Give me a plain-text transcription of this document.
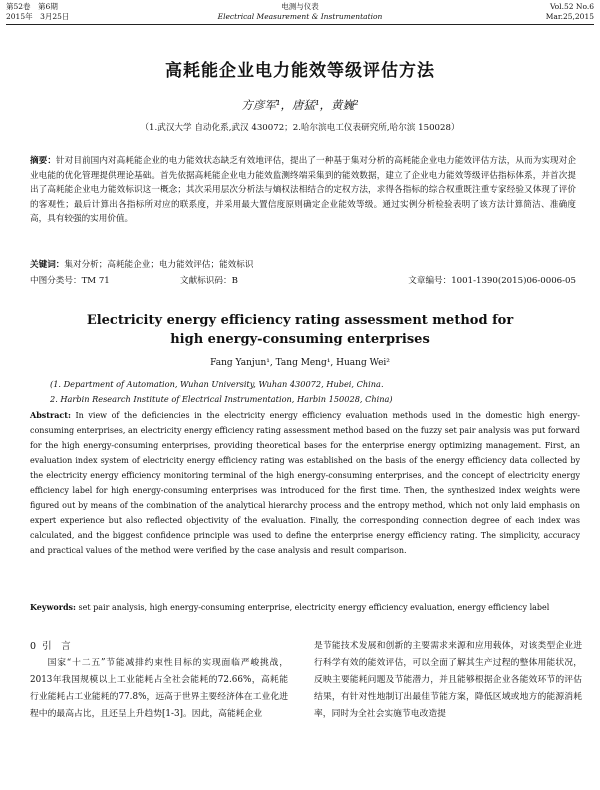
第52卷　第6期
2015年　3月25日
电测与仪表
Electrical Measurement & Instrumentation
Vol.52 No.6
Mar.25,2015
高耗能企业电力能效等级评估方法
方彦军¹，唐猛¹，黄巍²
（1.武汉大学 自动化系,武汉 430072；2.哈尔滨电工仪表研究所,哈尔滨 150028）
摘要：针对目前国内对高耗能企业的电力能效状态缺乏有效地评估，提出了一种基于集对分析的高耗能企业电力能效评估方法，从而为实现对企业电能的优化管理提供理论基础。首先依据高耗能企业电力能效监测终端采集到的能效数据，建立了企业电力能效等级评估指标体系，并首次提出了高耗能企业电力能效标识这一概念；其次采用层次分析法与熵权法相结合的定权方法，求得各指标的综合权重既注重专家经验又体现了评价的客观性；最后计算出各指标所对应的联系度，并采用最大置信度原则确定企业能效等级。通过实例分析检验表明了该方法计算简洁、准确度高，具有较强的实用价值。
关键词：集对分析；高耗能企业；电力能效评估；能效标识
中图分类号：TM 71	文献标识码：B	文章编号：1001-1390(2015)06-0006-05
Electricity energy efficiency rating assessment method for
high energy-consuming enterprises
Fang Yanjun¹, Tang Meng¹, Huang Wei²
(1. Department of Automation, Wuhan University, Wuhan 430072, Hubei, China.
2. Harbin Research Institute of Electrical Instrumentation, Harbin 150028, China)
Abstract: In view of the deficiencies in the electricity energy efficiency evaluation methods used in the domestic high energy-consuming enterprises, an electricity energy efficiency rating assessment method based on the fuzzy set pair analysis was put forward for the high energy-consuming enterprises, providing theoretical bases for the enterprise energy optimizing management. First, an evaluation index system of electricity energy efficiency rating was established on the basis of the energy efficiency data collected by the electricity energy efficiency monitoring terminal of the high energy-consuming enterprises, and the concept of electricity energy efficiency label for high energy-consuming enterprises was introduced for the first time. Then, the synthesized index weights were figured out by means of the combination of the analytical hierarchy process and the entropy method, which not only laid emphasis on expert experience but also reflected objectivity of the evaluation. Finally, the corresponding connection degree of each index was calculated, and the biggest confidence principle was used to define the enterprise energy efficiency rating. The simplicity, accuracy and practical values of the method were verified by the case analysis and result comparison.
Keywords: set pair analysis, high energy-consuming enterprise, electricity energy efficiency evaluation, energy efficiency label
0 引　言

国家“十二五”节能减排约束性目标的实现面临严峻挑战，2013年我国规模以上工业能耗占全社会能耗的72.66%，高耗能行业能耗占工业能耗的77.8%，远高于世界主要经济体在工业化进程中的最高占比，且还呈上升趋势[1-3]。因此，高能耗企业

是节能技术发展和创新的主要需求来源和应用载体，对该类型企业进行科学有效的能效评估，可以全面了解其生产过程的整体用能状况，反映主要能耗问题及节能潜力，并且能够根据企业各能效环节的评估结果，有针对性地制订出最佳节能方案，降低区域或地方的能源消耗率，同时为全社会实施节电改造提
